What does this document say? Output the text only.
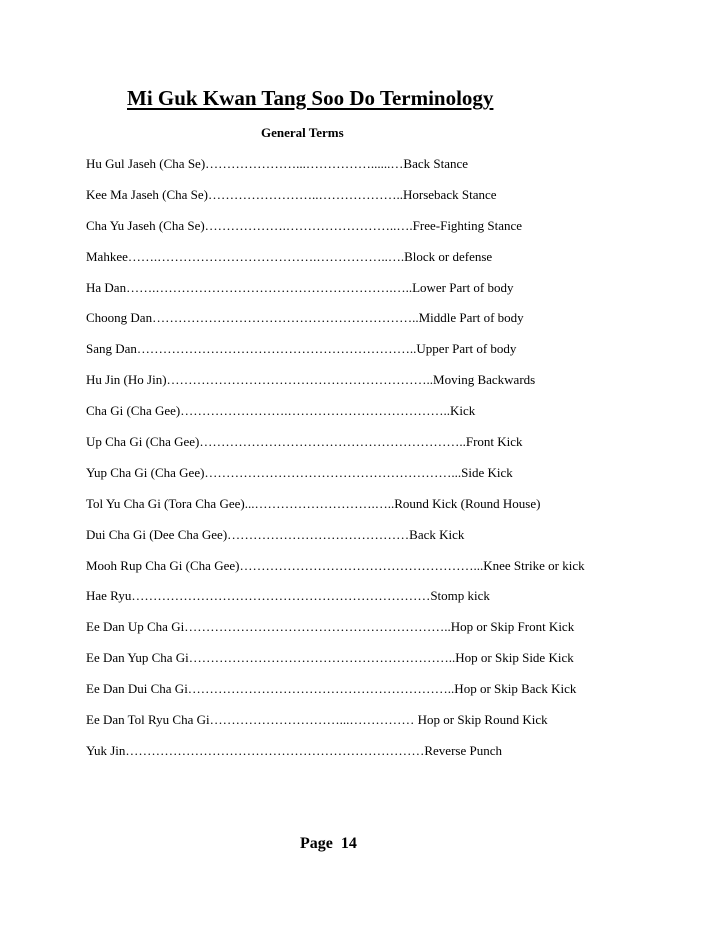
Mi Guk Kwan Tang Soo Do Terminology
General Terms
Hu Gul Jaseh (Cha Se)…………………...……………......…Back Stance
Kee Ma Jaseh (Cha Se)……………………..………………..Horseback Stance
Cha Yu Jaseh (Cha Se)……………….……………………..….Free-Fighting Stance
Mahkee…….……………………………….……………..….Block or defense
Ha Dan…….……………………………………………….…..Lower Part of body
Choong Dan……………………………………………………..Middle Part of body
Sang Dan………………………………………………………..Upper Part of body
Hu Jin (Ho Jin)……………………………………………………..Moving Backwards
Cha Gi (Cha Gee)…………………….………………………………..Kick
Up Cha Gi (Cha Gee)……………………………………………………..Front Kick
Yup Cha Gi (Cha Gee)…………………………………………………...Side Kick
Tol Yu Cha Gi (Tora Cha Gee)...……………………….…..Round Kick (Round House)
Dui Cha Gi (Dee Cha Gee)……………………………………Back Kick
Mooh Rup Cha Gi (Cha Gee)………………………………………………...Knee Strike or kick
Hae Ryu……………………………………………………………Stomp kick
Ee Dan Up Cha Gi……………………………………………………..Hop or Skip Front Kick
Ee Dan Yup Cha Gi……………………………………………………..Hop or Skip Side Kick
Ee Dan Dui Cha Gi……………………………………………………..Hop or Skip Back Kick
Ee Dan Tol Ryu Cha Gi…………………………...…………… Hop or Skip Round Kick
Yuk Jin……………………………………………………………Reverse Punch

Page  14
